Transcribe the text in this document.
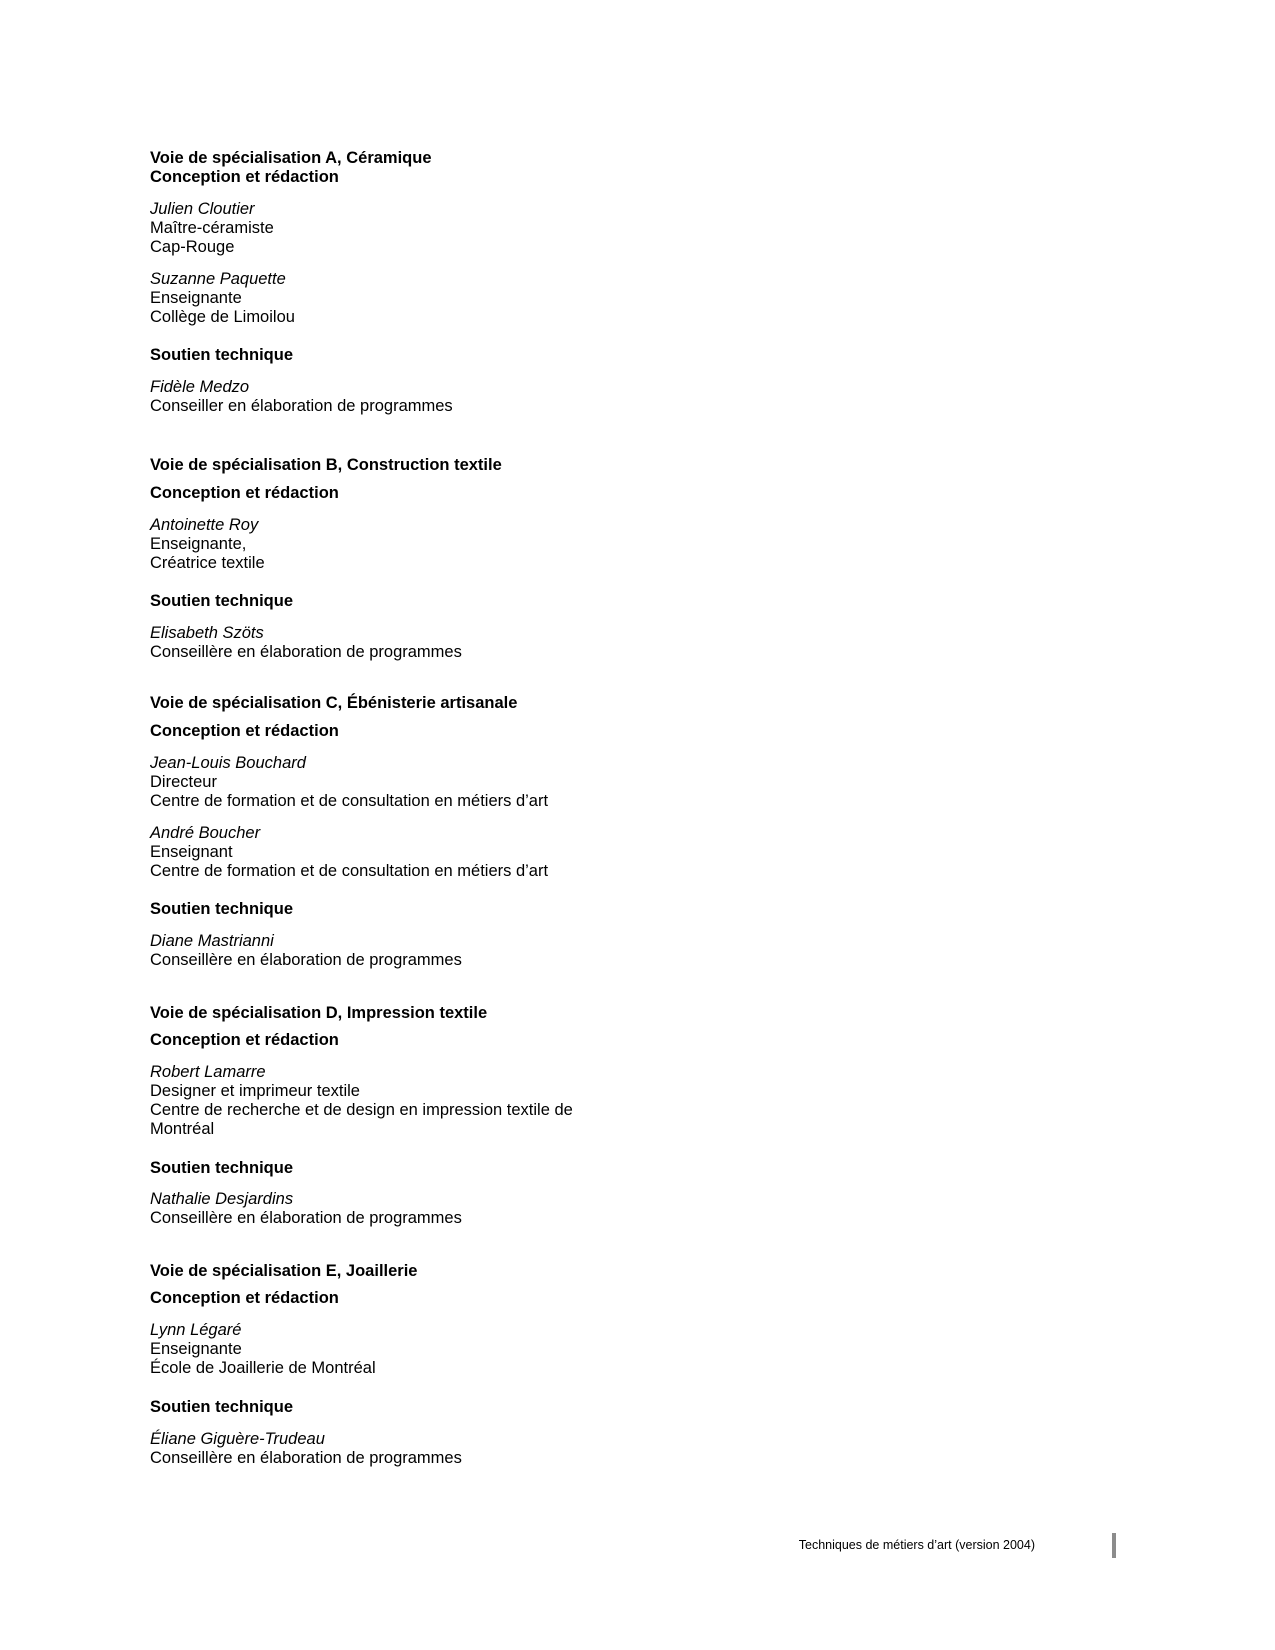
Voie de spécialisation A, Céramique
Conception et rédaction
Julien Cloutier
Maître-céramiste
Cap-Rouge
Suzanne Paquette
Enseignante
Collège de Limoilou
Soutien technique
Fidèle Medzo
Conseiller en élaboration de programmes
Voie de spécialisation B, Construction textile
Conception et rédaction
Antoinette Roy
Enseignante,
Créatrice textile
Soutien technique
Elisabeth Szöts
Conseillère en élaboration de programmes
Voie de spécialisation C, Ébénisterie artisanale
Conception et rédaction
Jean-Louis Bouchard
Directeur
Centre de formation et de consultation en métiers d’art
André Boucher
Enseignant
Centre de formation et de consultation en métiers d’art
Soutien technique
Diane Mastrianni
Conseillère en élaboration de programmes
Voie de spécialisation D, Impression textile
Conception et rédaction
Robert Lamarre
Designer et imprimeur textile
Centre de recherche et de design en impression textile de
Montréal
Soutien technique
Nathalie Desjardins
Conseillère en élaboration de programmes
Voie de spécialisation E, Joaillerie
Conception et rédaction
Lynn Légaré
Enseignante
École de Joaillerie de Montréal
Soutien technique
Éliane Giguère-Trudeau
Conseillère en élaboration de programmes
Techniques de métiers d’art (version 2004)
